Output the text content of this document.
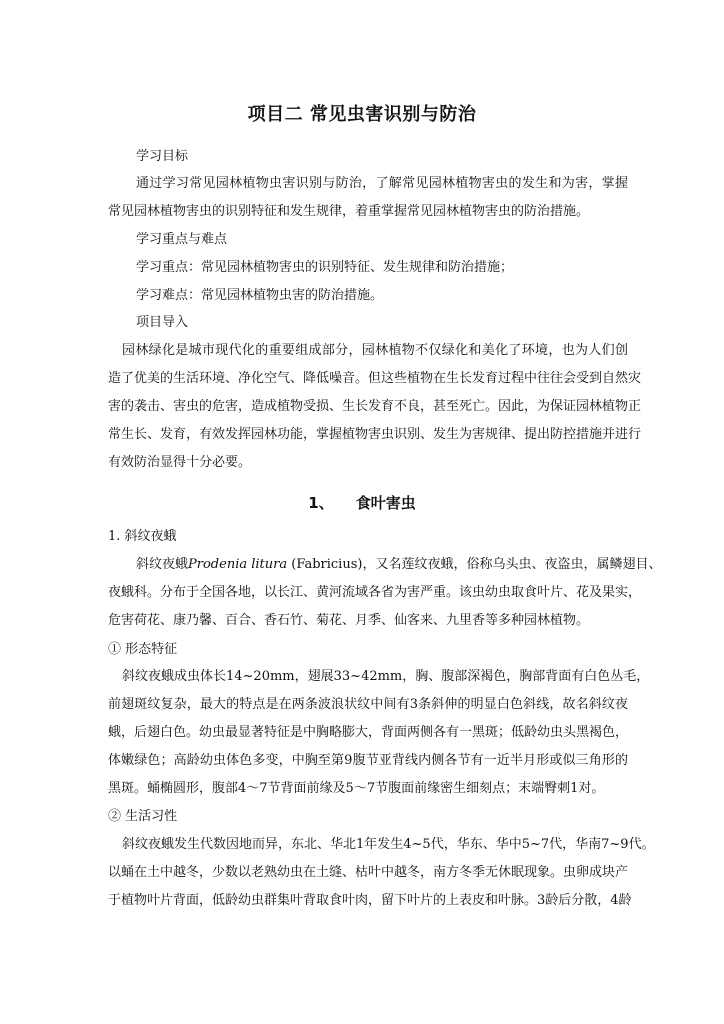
项目二 常见虫害识别与防治
学习目标
通过学习常见园林植物虫害识别与防治，了解常见园林植物害虫的发生和为害，掌握
常见园林植物害虫的识别特征和发生规律，着重掌握常见园林植物害虫的防治措施。
学习重点与难点
学习重点：常见园林植物害虫的识别特征、发生规律和防治措施；
学习难点：常见园林植物虫害的防治措施。
项目导入
园林绿化是城市现代化的重要组成部分，园林植物不仅绿化和美化了环境，也为人们创
造了优美的生活环境、净化空气、降低噪音。但这些植物在生长发育过程中往往会受到自然灾
害的袭击、害虫的危害，造成植物受损、生长发育不良，甚至死亡。因此，为保证园林植物正
常生长、发育，有效发挥园林功能，掌握植物害虫识别、发生为害规律、提出防控措施并进行
有效防治显得十分必要。
1、 食叶害虫
1. 斜纹夜蛾
斜纹夜蛾Prodenia litura (Fabricius)，又名莲纹夜蛾，俗称乌头虫、夜盗虫，属鳞翅目、
夜蛾科。分布于全国各地，以长江、黄河流域各省为害严重。该虫幼虫取食叶片、花及果实，
危害荷花、康乃馨、百合、香石竹、菊花、月季、仙客来、九里香等多种园林植物。
① 形态特征
斜纹夜蛾成虫体长14~20mm，翅展33~42mm，胸、腹部深褐色，胸部背面有白色丛毛，
前翅斑纹复杂，最大的特点是在两条波浪状纹中间有3条斜伸的明显白色斜线，故名斜纹夜
蛾，后翅白色。幼虫最显著特征是中胸略膨大，背面两侧各有一黑斑；低龄幼虫头黑褐色，
体嫩绿色；高龄幼虫体色多变，中胸至第9腹节亚背线内侧各节有一近半月形或似三角形的
黑斑。蛹椭圆形，腹部4～7节背面前缘及5～7节腹面前缘密生细刻点；末端臀刺1对。
② 生活习性
斜纹夜蛾发生代数因地而异，东北、华北1年发生4~5代，华东、华中5~7代，华南7~9代。
以蛹在土中越冬，少数以老熟幼虫在土缝、枯叶中越冬，南方冬季无休眠现象。虫卵成块产
于植物叶片背面，低龄幼虫群集叶背取食叶肉，留下叶片的上表皮和叶脉。3龄后分散，4龄
